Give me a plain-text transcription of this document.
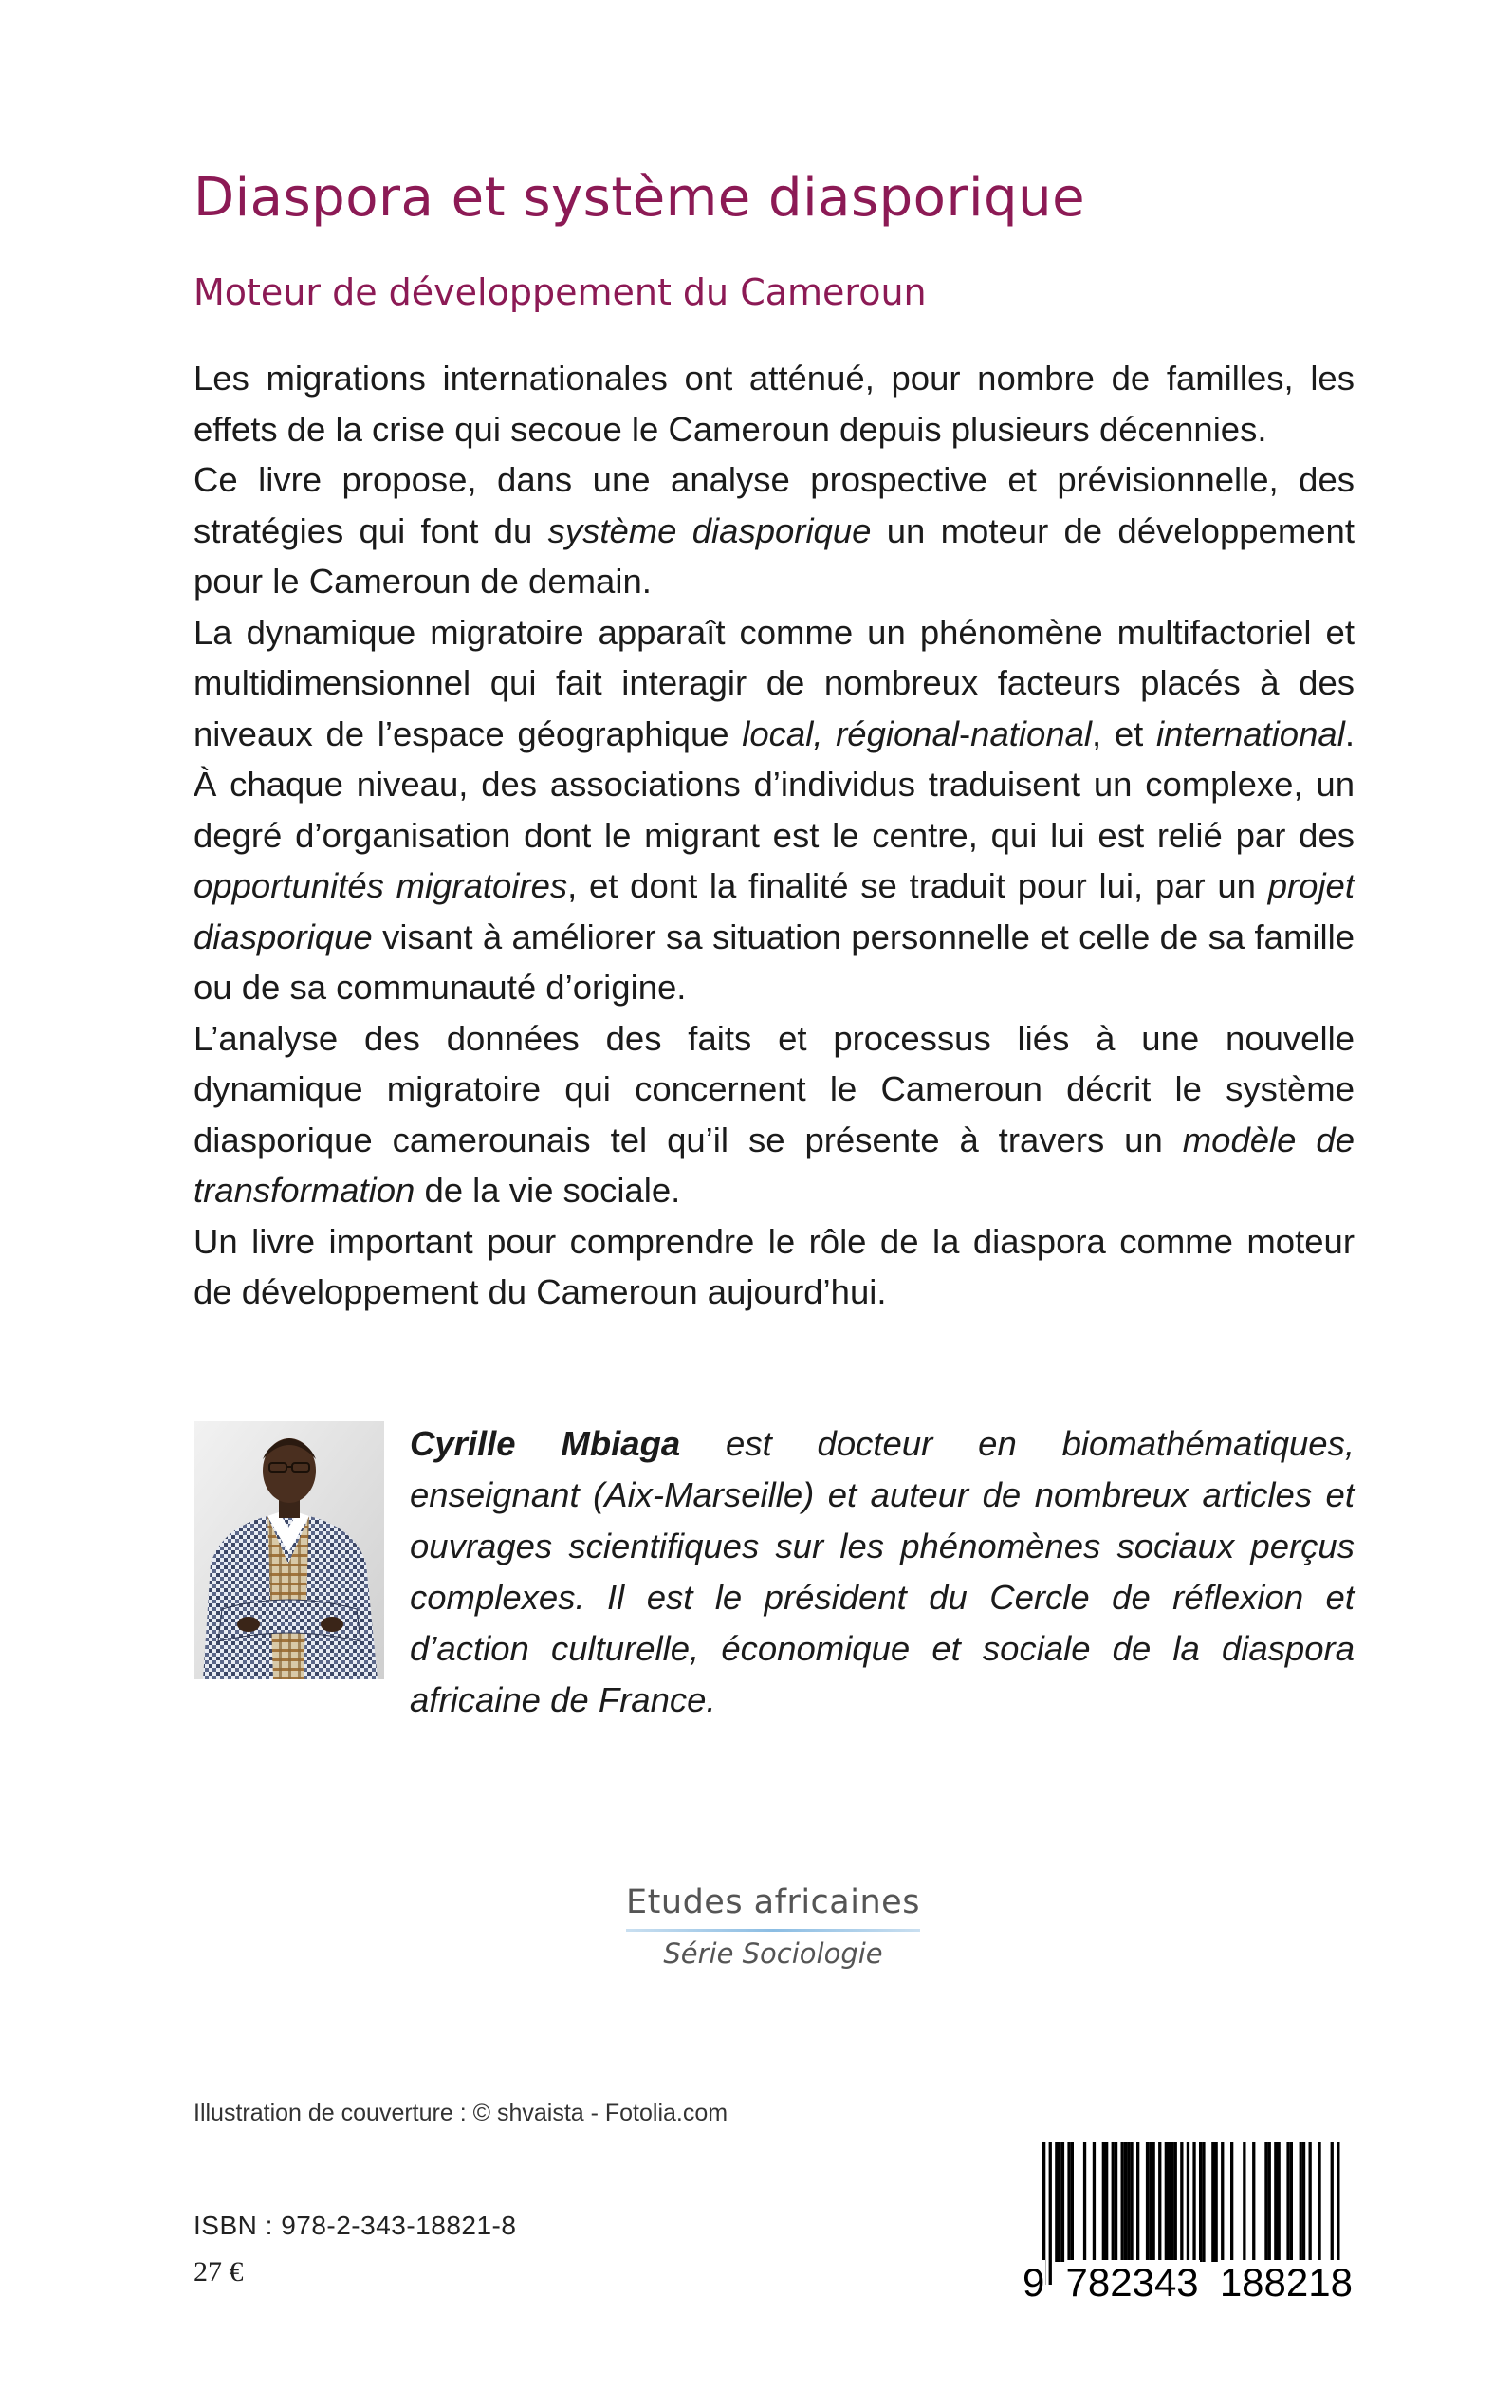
Diaspora et système diasporique
Moteur de développement du Cameroun

Les migrations internationales ont atténué, pour nombre de familles, les effets de la crise qui secoue le Cameroun depuis plusieurs décennies.

Ce livre propose, dans une analyse prospective et prévisionnelle, des stratégies qui font du système diasporique un moteur de développement pour le Cameroun de demain.

La dynamique migratoire apparaît comme un phénomène multifactoriel et multidimensionnel qui fait interagir de nombreux facteurs placés à des niveaux de l’espace géographique local, régional-national, et international. À chaque niveau, des associations d’individus traduisent un complexe, un degré d’organisation dont le migrant est le centre, qui lui est relié par des opportunités migratoires, et dont la finalité se traduit pour lui, par un projet diasporique visant à améliorer sa situation personnelle et celle de sa famille ou de sa communauté d’origine.

L’analyse des données des faits et processus liés à une nouvelle dynamique migratoire qui concernent le Cameroun décrit le système diasporique camerounais tel qu’il se présente à travers un modèle de transformation de la vie sociale.

Un livre important pour comprendre le rôle de la diaspora comme moteur de développement du Cameroun aujourd’hui.

Cyrille Mbiaga est docteur en biomathématiques, enseignant (Aix-Marseille) et auteur de nombreux articles et ouvrages scientifiques sur les phénomènes sociaux perçus complexes. Il est le président du Cercle de réflexion et d’action culturelle, économique et sociale de la diaspora africaine de France.

Etudes africaines
Série Sociologie
Illustration de couverture : © shvaista - Fotolia.com
ISBN : 978-2-343-18821-8
27 €	9 782343 188218
